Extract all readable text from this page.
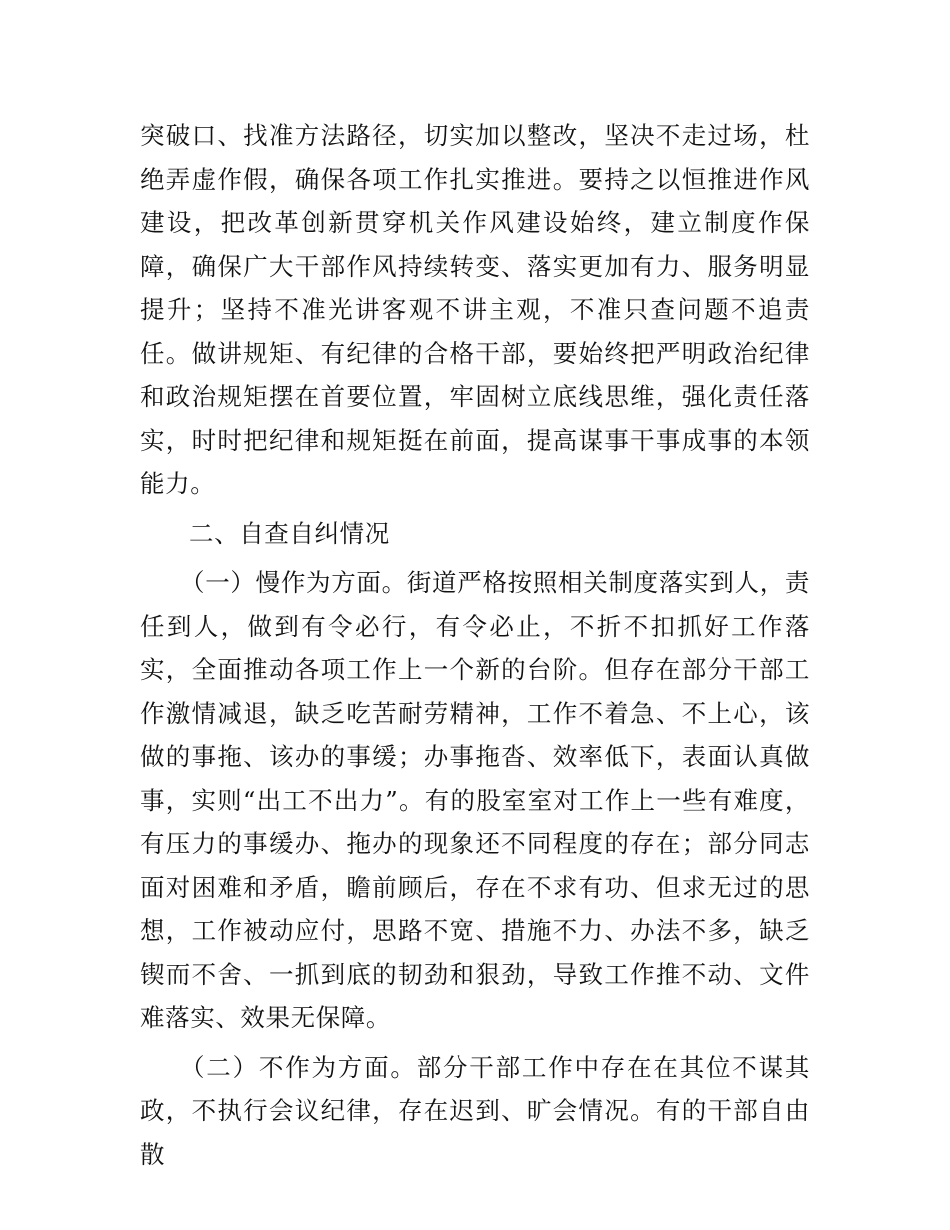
突破口、找准方法路径，切实加以整改，坚决不走过场，杜绝弄虚作假，确保各项工作扎实推进。要持之以恒推进作风建设，把改革创新贯穿机关作风建设始终，建立制度作保障，确保广大干部作风持续转变、落实更加有力、服务明显提升；坚持不准光讲客观不讲主观，不准只查问题不追责任。做讲规矩、有纪律的合格干部，要始终把严明政治纪律和政治规矩摆在首要位置，牢固树立底线思维，强化责任落实，时时把纪律和规矩挺在前面，提高谋事干事成事的本领能力。

二、自查自纠情况

（一）慢作为方面。街道严格按照相关制度落实到人，责任到人，做到有令必行，有令必止，不折不扣抓好工作落实，全面推动各项工作上一个新的台阶。但存在部分干部工作激情减退，缺乏吃苦耐劳精神，工作不着急、不上心，该做的事拖、该办的事缓；办事拖沓、效率低下，表面认真做事，实则“出工不出力”。有的股室室对工作上一些有难度，有压力的事缓办、拖办的现象还不同程度的存在；部分同志面对困难和矛盾，瞻前顾后，存在不求有功、但求无过的思想，工作被动应付，思路不宽、措施不力、办法不多，缺乏锲而不舍、一抓到底的韧劲和狠劲，导致工作推不动、文件难落实、效果无保障。

（二）不作为方面。部分干部工作中存在在其位不谋其政，不执行会议纪律，存在迟到、旷会情况。有的干部自由散
